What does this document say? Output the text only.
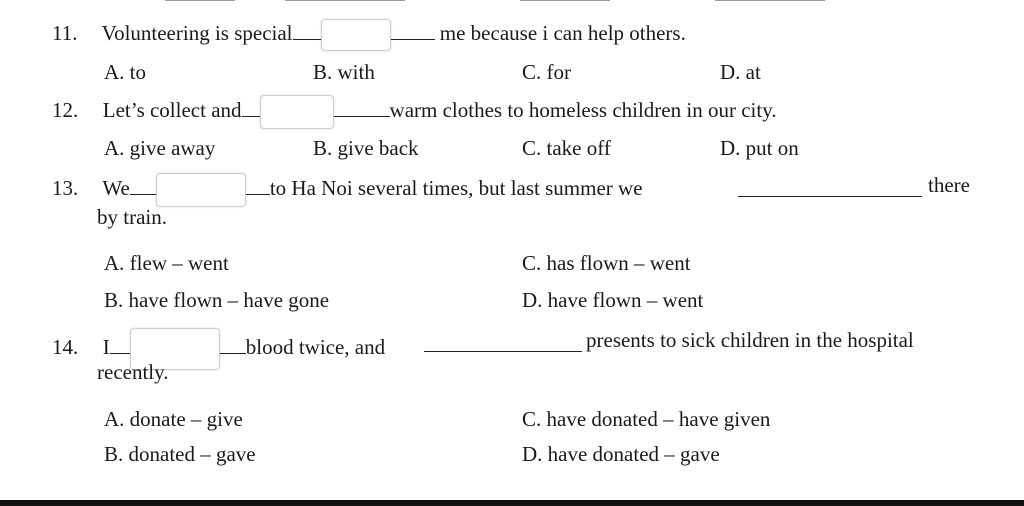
11. Volunteering is special	me because i can help others.
A. to	B. with	C. for	D. at
12. Let’s collect and	warm clothes to homeless children in our city.
A. give away	B. give back	C. take off	D. put on
13. We	to Ha Noi several times, but last summer we	there
by train.
A. flew – went	C. has flown – went
B. have flown – have gone	D. have flown – went
14. I	blood twice, and	presents to sick children in the hospital
recently.
A. donate – give	C. have donated – have given
B. donated – gave	D. have donated – gave
